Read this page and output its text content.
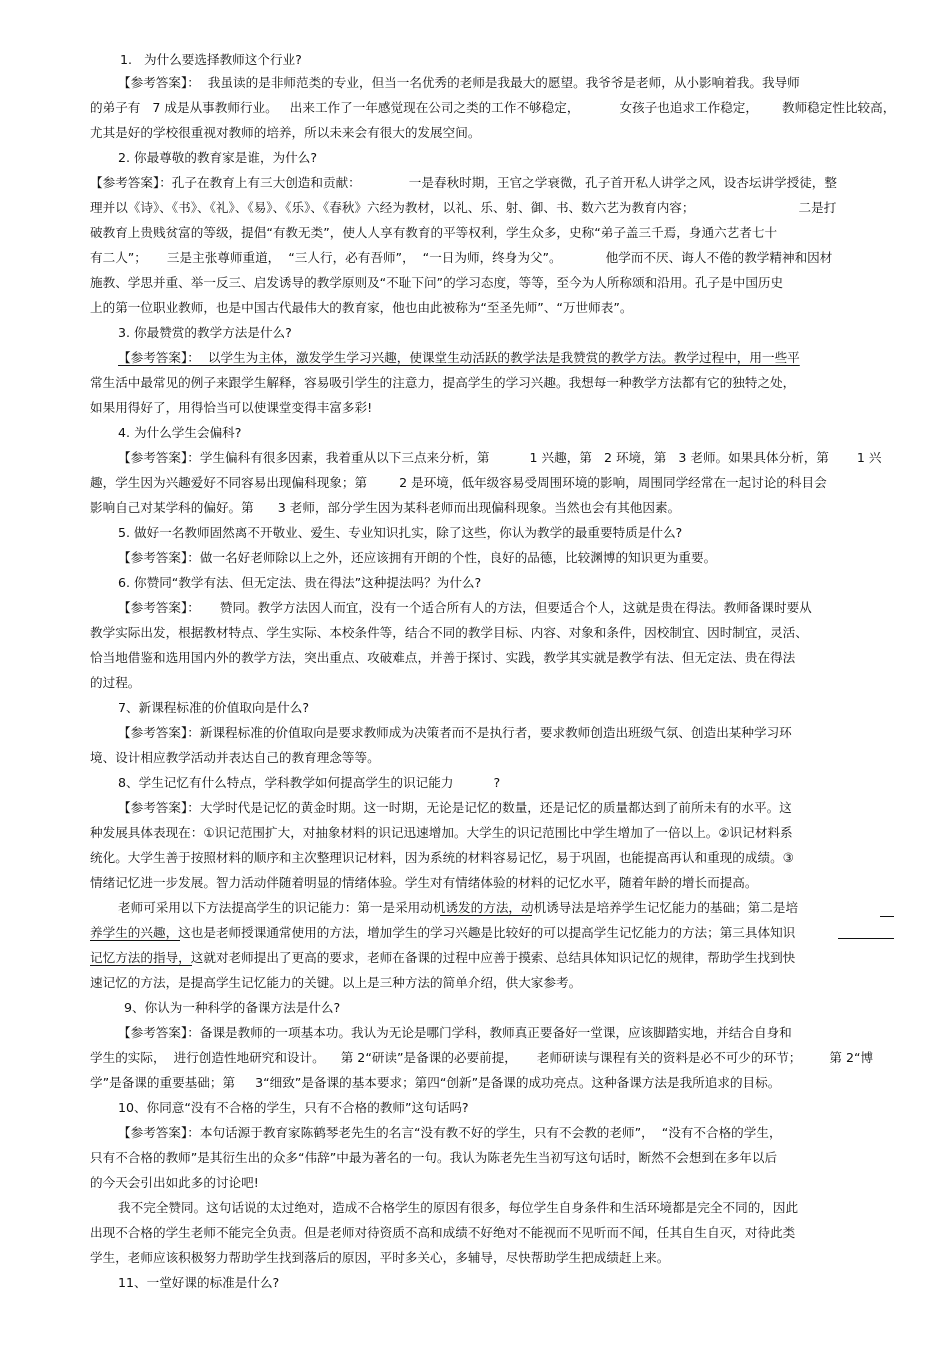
1.   为什么要选择教师这个行业?
【参考答案】：  我虽读的是非师范类的专业，但当一名优秀的老师是我最大的愿望。我爷爷是老师，从小影响着我。我导师
的弟子有   7 成是从事教师行业。   出来工作了一年感觉现在公司之类的工作不够稳定，          女孩子也追求工作稳定，      教师稳定性比较高，
尤其是好的学校很重视对教师的培养，所以未来会有很大的发展空间。
2. 你最尊敬的教育家是谁，为什么?
【参考答案】：孔子在教育上有三大创造和贡献：            一是春秋时期，王官之学衰微，孔子首开私人讲学之风，设杏坛讲学授徒，整
理并以《诗》、《书》、《礼》、《易》、《乐》、《春秋》六经为教材，以礼、乐、射、御、书、数六艺为教育内容；                          二是打
破教育上贵贱贫富的等级，提倡“有教无类”，使人人享有教育的平等权利，学生众多，史称“弟子盖三千焉，身通六艺者七十
有二人”；     三是主张尊师重道，  “三人行，必有吾师”，  “一日为师，终身为父”。           他学而不厌、诲人不倦的教学精神和因材
施教、学思并重、举一反三、启发诱导的教学原则及“不耻下问”的学习态度，等等，至今为人所称颂和沿用。孔子是中国历史
上的第一位职业教师，也是中国古代最伟大的教育家，他也由此被称为“至圣先师”、“万世师表”。
3. 你最赞赏的教学方法是什么?
【参考答案】：  以学生为主体，激发学生学习兴趣，使课堂生动活跃的教学法是我赞赏的教学方法。教学过程中，用一些平
常生活中最常见的例子来跟学生解释，容易吸引学生的注意力，提高学生的学习兴趣。我想每一种教学方法都有它的独特之处，
如果用得好了，用得恰当可以使课堂变得丰富多彩!
4. 为什么学生会偏科?
【参考答案】：学生偏科有很多因素，我着重从以下三点来分析，第          1 兴趣，第   2 环境，第   3 老师。如果具体分析，第       1 兴
趣，学生因为兴趣爱好不同容易出现偏科现象；第        2 是环境，低年级容易受周围环境的影响，周围同学经常在一起讨论的科目会
影响自己对某学科的偏好。第      3 老师，部分学生因为某科老师而出现偏科现象。当然也会有其他因素。
5. 做好一名教师固然离不开敬业、爱生、专业知识扎实，除了这些，你认为教学的最重要特质是什么?
【参考答案】：做一名好老师除以上之外，还应该拥有开朗的个性，良好的品德，比较渊博的知识更为重要。
6. 你赞同“教学有法、但无定法、贵在得法”这种提法吗？为什么?
【参考答案】：     赞同。教学方法因人而宜，没有一个适合所有人的方法，但要适合个人，这就是贵在得法。教师备课时要从
教学实际出发，根据教材特点、学生实际、本校条件等，结合不同的教学目标、内容、对象和条件，因校制宜、因时制宜，灵活、
恰当地借鉴和选用国内外的教学方法，突出重点、攻破难点，并善于探讨、实践，教学其实就是教学有法、但无定法、贵在得法
的过程。
7、新课程标准的价值取向是什么?
【参考答案】：新课程标准的价值取向是要求教师成为决策者而不是执行者，要求教师创造出班级气氛、创造出某种学习环
境、设计相应教学活动并表达自己的教育理念等等。
8、学生记忆有什么特点，学科教学如何提高学生的识记能力          ?
【参考答案】：大学时代是记忆的黄金时期。这一时期，无论是记忆的数量，还是记忆的质量都达到了前所未有的水平。这
种发展具体表现在：①识记范围扩大，对抽象材料的识记迅速增加。大学生的识记范围比中学生增加了一倍以上。②识记材料系
统化。大学生善于按照材料的顺序和主次整理识记材料，因为系统的材料容易记忆，易于巩固，也能提高再认和重现的成绩。③
情绪记忆进一步发展。智力活动伴随着明显的情绪体验。学生对有情绪体验的材料的记忆水平，随着年龄的增长而提高。
老师可采用以下方法提高学生的识记能力：第一是采用动机诱发的方法，动机诱导法是培养学生记忆能力的基础；第二是培
养学生的兴趣，这也是老师授课通常使用的方法，增加学生的学习兴趣是比较好的可以提高学生记忆能力的方法；第三具体知识
记忆方法的指导，这就对老师提出了更高的要求，老师在备课的过程中应善于摸索、总结具体知识记忆的规律，帮助学生找到快
速记忆的方法，是提高学生记忆能力的关键。以上是三种方法的简单介绍，供大家参考。
9、你认为一种科学的备课方法是什么?
【参考答案】：备课是教师的一项基本功。我认为无论是哪门学科，教师真正要备好一堂课，应该脚踏实地，并结合自身和
学生的实际，  进行创造性地研究和设计。    第 2“研读”是备课的必要前提，     老师研读与课程有关的资料是必不可少的环节；       第 2“博
学”是备课的重要基础；第     3“细致”是备课的基本要求；第四“创新”是备课的成功亮点。这种备课方法是我所追求的目标。
10、你同意“没有不合格的学生，只有不合格的教师”这句话吗?
【参考答案】：本句话源于教育家陈鹤琴老先生的名言“没有教不好的学生，只有不会教的老师”，  “没有不合格的学生，
只有不合格的教师”是其衍生出的众多“伟辞”中最为著名的一句。我认为陈老先生当初写这句话时，断然不会想到在多年以后
的今天会引出如此多的讨论吧!
我不完全赞同。这句话说的太过绝对，造成不合格学生的原因有很多，每位学生自身条件和生活环境都是完全不同的，因此
出现不合格的学生老师不能完全负责。但是老师对待资质不高和成绩不好绝对不能视而不见听而不闻，任其自生自灭，对待此类
学生，老师应该积极努力帮助学生找到落后的原因，平时多关心，多辅导，尽快帮助学生把成绩赶上来。
11、一堂好课的标准是什么?
